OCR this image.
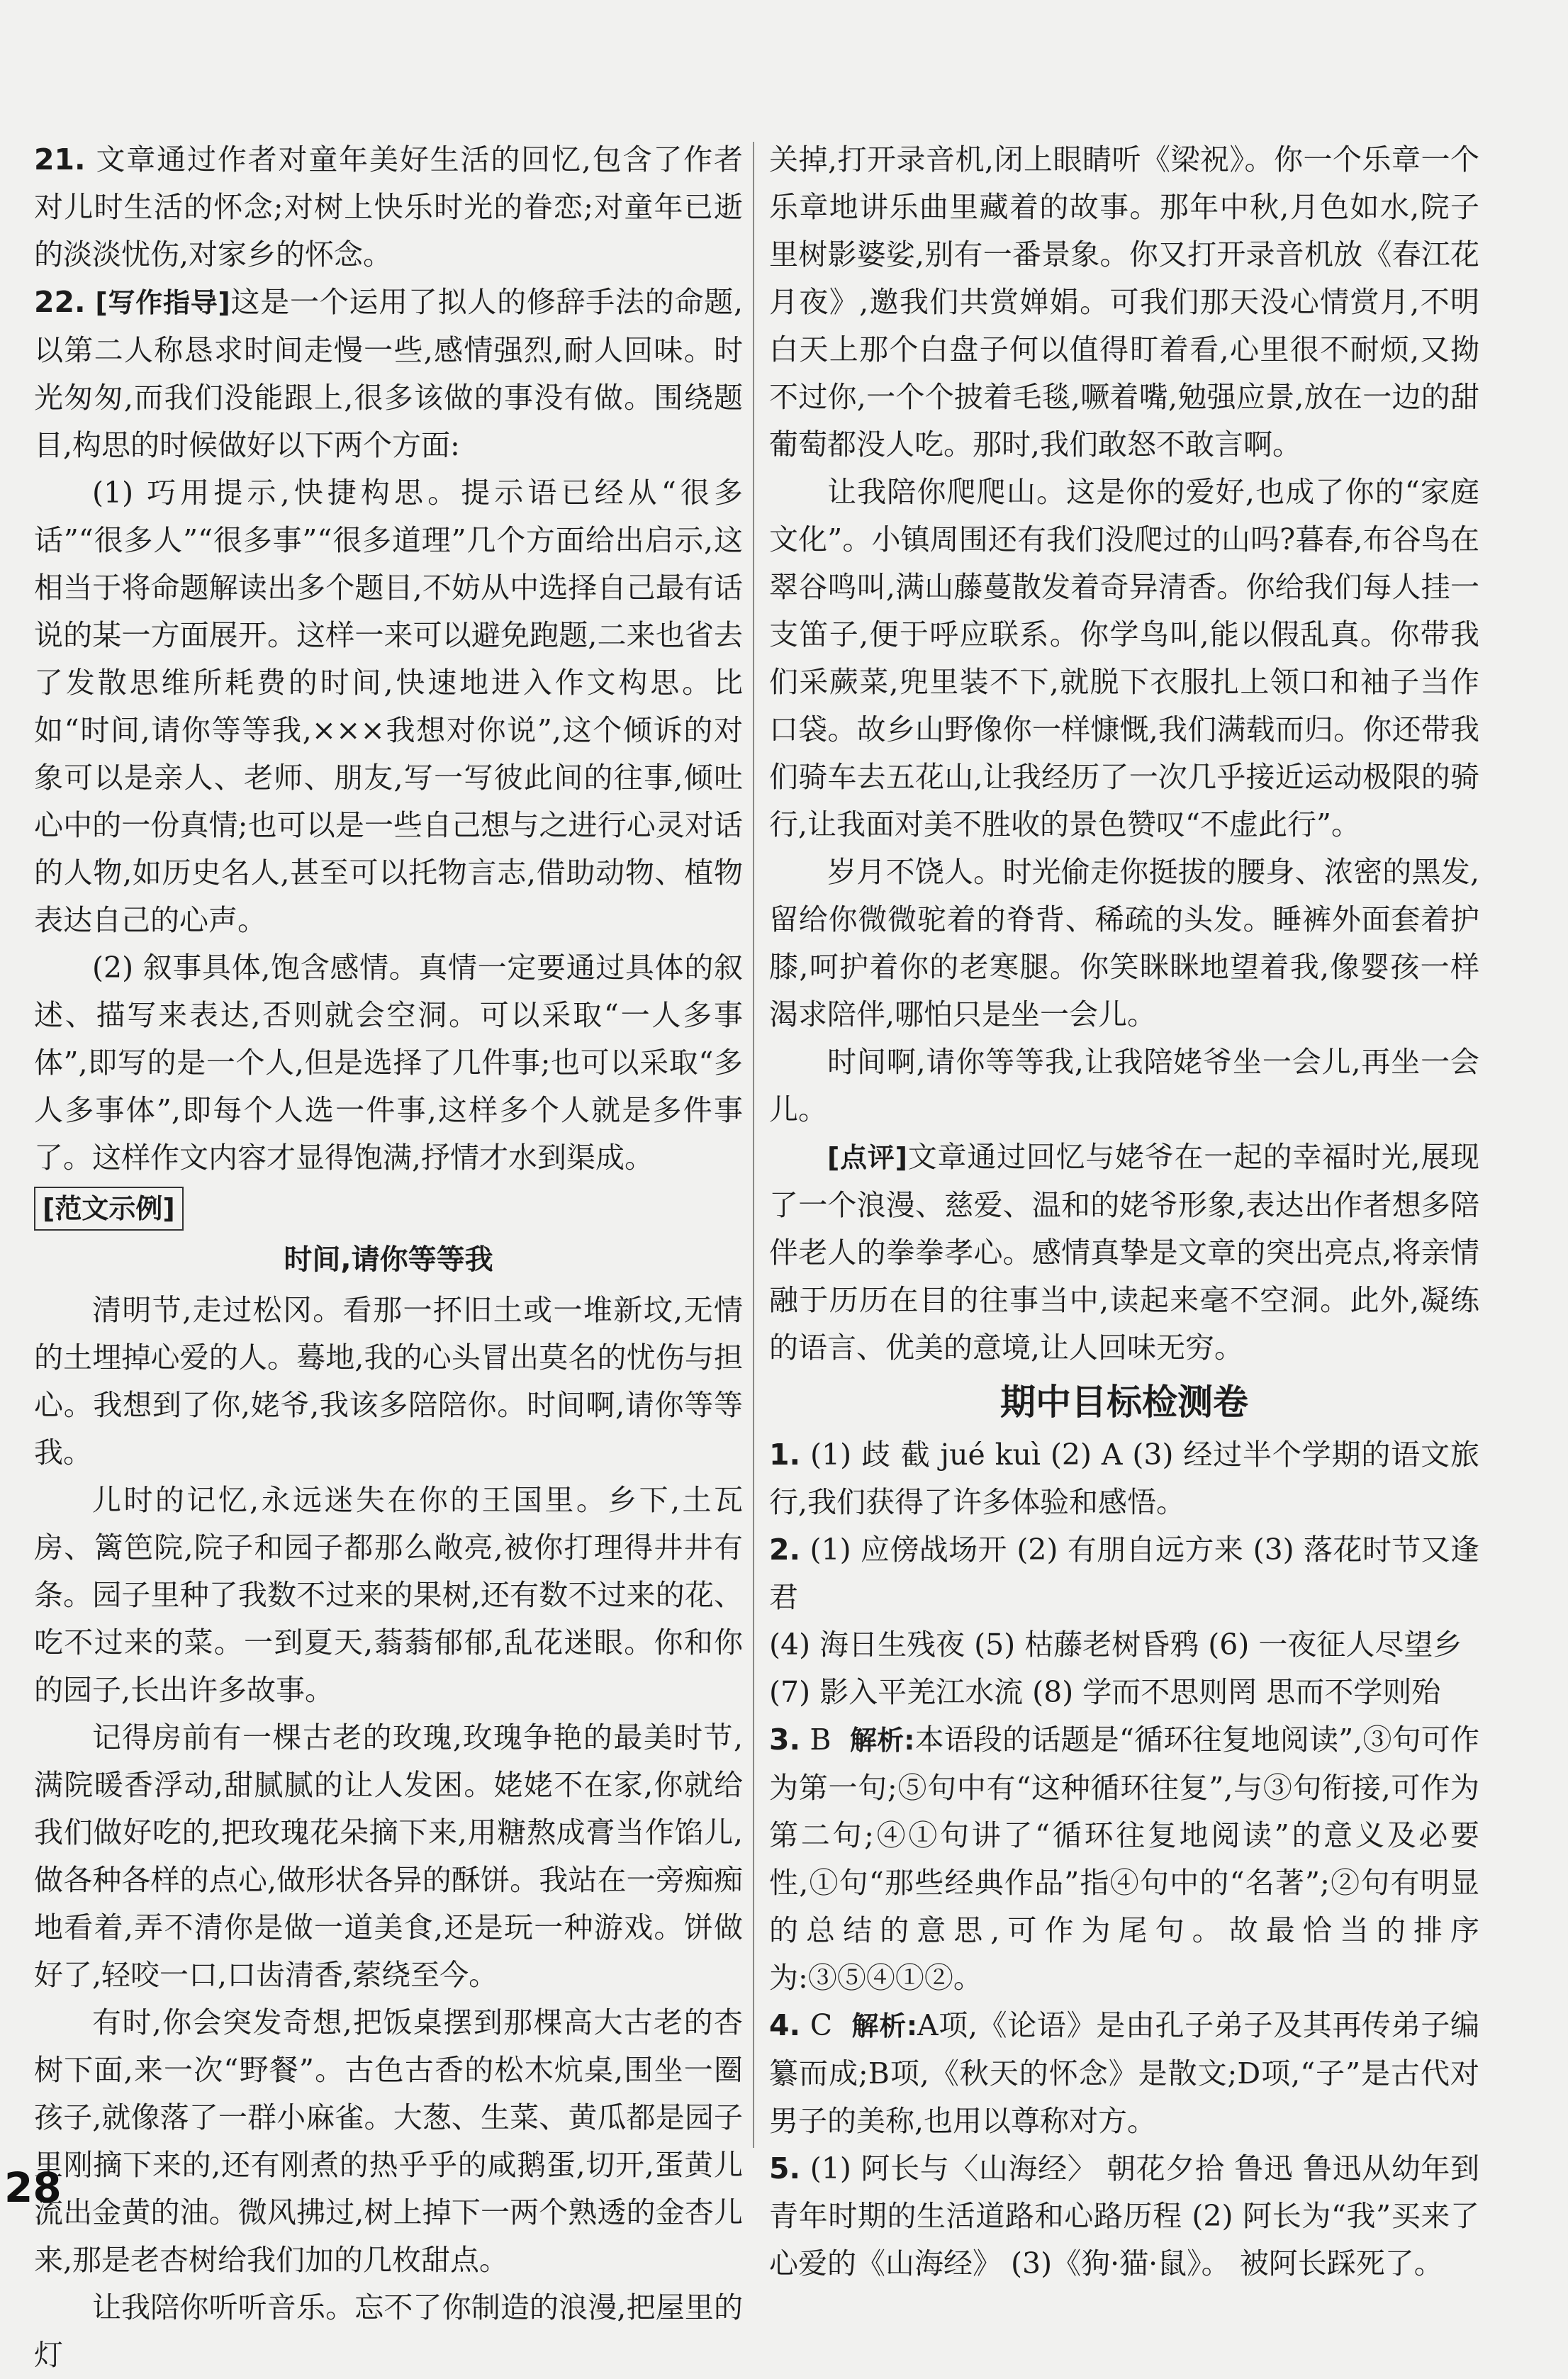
21. 文章通过作者对童年美好生活的回忆,包含了作者对儿时生活的怀念;对树上快乐时光的眷恋;对童年已逝的淡淡忧伤,对家乡的怀念。

22. [写作指导]这是一个运用了拟人的修辞手法的命题,以第二人称恳求时间走慢一些,感情强烈,耐人回味。时光匆匆,而我们没能跟上,很多该做的事没有做。围绕题目,构思的时候做好以下两个方面:

(1) 巧用提示,快捷构思。提示语已经从“很多话”“很多人”“很多事”“很多道理”几个方面给出启示,这相当于将命题解读出多个题目,不妨从中选择自己最有话说的某一方面展开。这样一来可以避免跑题,二来也省去了发散思维所耗费的时间,快速地进入作文构思。比如“时间,请你等等我,×××我想对你说”,这个倾诉的对象可以是亲人、老师、朋友,写一写彼此间的往事,倾吐心中的一份真情;也可以是一些自己想与之进行心灵对话的人物,如历史名人,甚至可以托物言志,借助动物、植物表达自己的心声。

(2) 叙事具体,饱含感情。真情一定要通过具体的叙述、描写来表达,否则就会空洞。可以采取“一人多事体”,即写的是一个人,但是选择了几件事;也可以采取“多人多事体”,即每个人选一件事,这样多个人就是多件事了。这样作文内容才显得饱满,抒情才水到渠成。

[范文示例]

时间,请你等等我

清明节,走过松冈。看那一抔旧土或一堆新坟,无情的土埋掉心爱的人。蓦地,我的心头冒出莫名的忧伤与担心。我想到了你,姥爷,我该多陪陪你。时间啊,请你等等我。

儿时的记忆,永远迷失在你的王国里。乡下,土瓦房、篱笆院,院子和园子都那么敞亮,被你打理得井井有条。园子里种了我数不过来的果树,还有数不过来的花、吃不过来的菜。一到夏天,蓊蓊郁郁,乱花迷眼。你和你的园子,长出许多故事。

记得房前有一棵古老的玫瑰,玫瑰争艳的最美时节,满院暖香浮动,甜腻腻的让人发困。姥姥不在家,你就给我们做好吃的,把玫瑰花朵摘下来,用糖熬成膏当作馅儿,做各种各样的点心,做形状各异的酥饼。我站在一旁痴痴地看着,弄不清你是做一道美食,还是玩一种游戏。饼做好了,轻咬一口,口齿清香,萦绕至今。

有时,你会突发奇想,把饭桌摆到那棵高大古老的杏树下面,来一次“野餐”。古色古香的松木炕桌,围坐一圈孩子,就像落了一群小麻雀。大葱、生菜、黄瓜都是园子里刚摘下来的,还有刚煮的热乎乎的咸鹅蛋,切开,蛋黄儿流出金黄的油。微风拂过,树上掉下一两个熟透的金杏儿来,那是老杏树给我们加的几枚甜点。

让我陪你听听音乐。忘不了你制造的浪漫,把屋里的灯

关掉,打开录音机,闭上眼睛听《梁祝》。你一个乐章一个乐章地讲乐曲里藏着的故事。那年中秋,月色如水,院子里树影婆娑,别有一番景象。你又打开录音机放《春江花月夜》,邀我们共赏婵娟。可我们那天没心情赏月,不明白天上那个白盘子何以值得盯着看,心里很不耐烦,又拗不过你,一个个披着毛毯,噘着嘴,勉强应景,放在一边的甜葡萄都没人吃。那时,我们敢怒不敢言啊。

让我陪你爬爬山。这是你的爱好,也成了你的“家庭文化”。小镇周围还有我们没爬过的山吗?暮春,布谷鸟在翠谷鸣叫,满山藤蔓散发着奇异清香。你给我们每人挂一支笛子,便于呼应联系。你学鸟叫,能以假乱真。你带我们采蕨菜,兜里装不下,就脱下衣服扎上领口和袖子当作口袋。故乡山野像你一样慷慨,我们满载而归。你还带我们骑车去五花山,让我经历了一次几乎接近运动极限的骑行,让我面对美不胜收的景色赞叹“不虚此行”。

岁月不饶人。时光偷走你挺拔的腰身、浓密的黑发,留给你微微驼着的脊背、稀疏的头发。睡裤外面套着护膝,呵护着你的老寒腿。你笑眯眯地望着我,像婴孩一样渴求陪伴,哪怕只是坐一会儿。

时间啊,请你等等我,让我陪姥爷坐一会儿,再坐一会儿。

[点评]文章通过回忆与姥爷在一起的幸福时光,展现了一个浪漫、慈爱、温和的姥爷形象,表达出作者想多陪伴老人的拳拳孝心。感情真挚是文章的突出亮点,将亲情融于历历在目的往事当中,读起来毫不空洞。此外,凝练的语言、优美的意境,让人回味无穷。

期中目标检测卷

1. (1) 歧 截 jué kuì (2) A (3) 经过半个学期的语文旅行,我们获得了许多体验和感悟。

2. (1) 应傍战场开 (2) 有朋自远方来 (3) 落花时节又逢君

(4) 海日生残夜 (5) 枯藤老树昏鸦 (6) 一夜征人尽望乡

(7) 影入平羌江水流 (8) 学而不思则罔 思而不学则殆

3. B 解析:本语段的话题是“循环往复地阅读”,③句可作为第一句;⑤句中有“这种循环往复”,与③句衔接,可作为第二句;④①句讲了“循环往复地阅读”的意义及必要性,①句“那些经典作品”指④句中的“名著”;②句有明显的总结的意思,可作为尾句。故最恰当的排序为:③⑤④①②。

4. C 解析:A项,《论语》是由孔子弟子及其再传弟子编纂而成;B项,《秋天的怀念》是散文;D项,“子”是古代对男子的美称,也用以尊称对方。

5. (1) 阿长与〈山海经〉 朝花夕拾 鲁迅 鲁迅从幼年到青年时期的生活道路和心路历程 (2) 阿长为“我”买来了心爱的《山海经》 (3)《狗·猫·鼠》。 被阿长踩死了。

28
